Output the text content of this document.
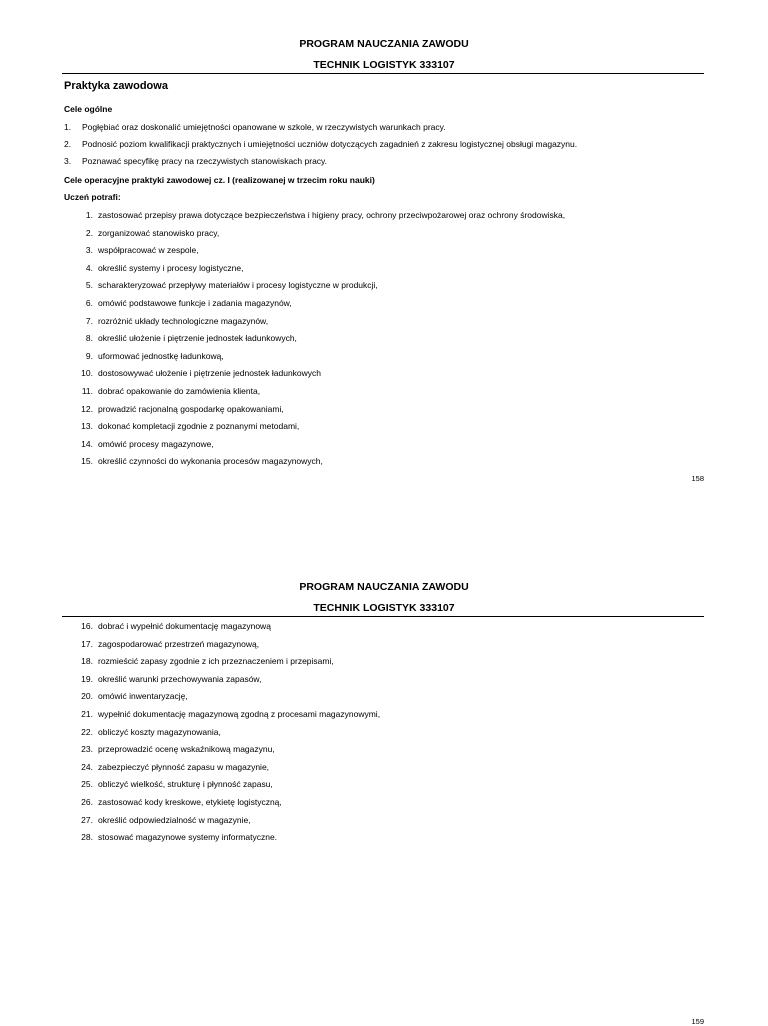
PROGRAM NAUCZANIA ZAWODU
TECHNIK LOGISTYK 333107
Praktyka zawodowa
Cele ogólne
1. Pogłębiać oraz doskonalić umiejętności opanowane w szkole, w rzeczywistych warunkach pracy.
2. Podnosić poziom kwalifikacji praktycznych i umiejętności uczniów dotyczących zagadnień z zakresu logistycznej obsługi magazynu.
3. Poznawać specyfikę pracy na rzeczywistych stanowiskach pracy.
Cele operacyjne praktyki zawodowej cz. I (realizowanej w trzecim roku nauki)
Uczeń potrafi:
1. zastosować przepisy prawa dotyczące bezpieczeństwa i higieny pracy, ochrony przeciwpożarowej oraz ochrony środowiska,
2. zorganizować stanowisko pracy,
3. współpracować w zespole,
4. określić systemy i procesy logistyczne,
5. scharakteryzować przepływy materiałów i procesy logistyczne w produkcji,
6. omówić podstawowe funkcje i zadania magazynów,
7. rozróżnić układy technologiczne magazynów,
8. określić ułożenie i piętrzenie jednostek ładunkowych,
9. uformować jednostkę ładunkową,
10. dostosowywać ułożenie i piętrzenie jednostek ładunkowych
11. dobrać opakowanie do zamówienia klienta,
12. prowadzić racjonalną gospodarkę opakowaniami,
13. dokonać kompletacji zgodnie z poznanymi metodami,
14. omówić procesy magazynowe,
15. określić czynności do wykonania procesów magazynowych,
158
PROGRAM NAUCZANIA ZAWODU
TECHNIK LOGISTYK 333107
16. dobrać i wypełnić dokumentację magazynową
17. zagospodarować przestrzeń magazynową,
18. rozmieścić zapasy zgodnie z ich przeznaczeniem i przepisami,
19. określić warunki przechowywania zapasów,
20. omówić inwentaryzację,
21. wypełnić dokumentację magazynową zgodną z procesami magazynowymi,
22. obliczyć koszty magazynowania,
23. przeprowadzić ocenę wskaźnikową magazynu,
24. zabezpieczyć płynność zapasu w magazynie,
25. obliczyć wielkość, strukturę i płynność zapasu,
26. zastosować kody kreskowe, etykietę logistyczną,
27. określić odpowiedzialność w magazynie,
28. stosować magazynowe systemy informatyczne.
159
